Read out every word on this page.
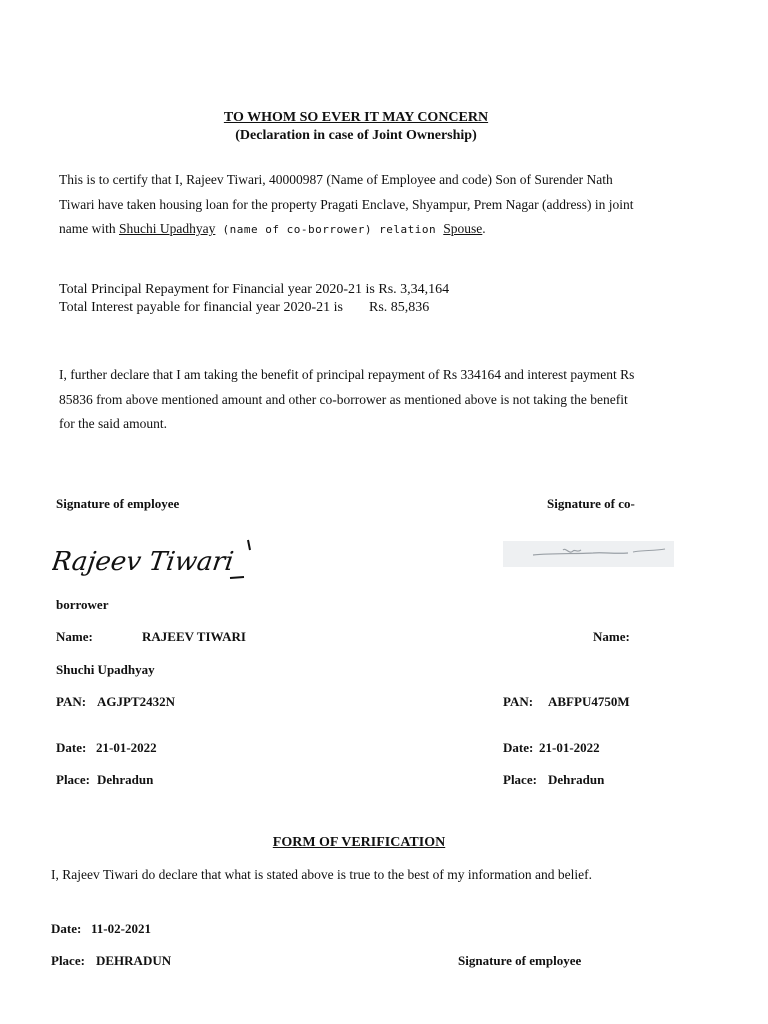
TO WHOM SO EVER IT MAY CONCERN
(Declaration in case of Joint Ownership)
This is to certify that I, Rajeev Tiwari, 40000987 (Name of Employee and code) Son of Surender Nath
Tiwari have taken housing loan for the property Pragati Enclave, Shyampur, Prem Nagar (address) in joint
name with Shuchi Upadhyay (name of co-borrower) relation Spouse.
Total Principal Repayment for Financial year 2020-21 is Rs. 3,34,164
Total Interest payable for financial year 2020-21 is Rs. 85,836
I, further declare that I am taking the benefit of principal repayment of Rs 334164 and interest payment Rs
85836 from above mentioned amount and other co-borrower as mentioned above is not taking the benefit
for the said amount.
Signature of employee	Signature of co-
Rajeev Tiwari
borrower
Name:	RAJEEV TIWARI	Name:
Shuchi Upadhyay
PAN: AGJPT2432N	PAN: ABFPU4750M
Date: 21-01-2022	Date: 21-01-2022
Place: Dehradun	Place: Dehradun
FORM OF VERIFICATION
I, Rajeev Tiwari do declare that what is stated above is true to the best of my information and belief.
Date: 11-02-2021
Place: DEHRADUN	Signature of employee
